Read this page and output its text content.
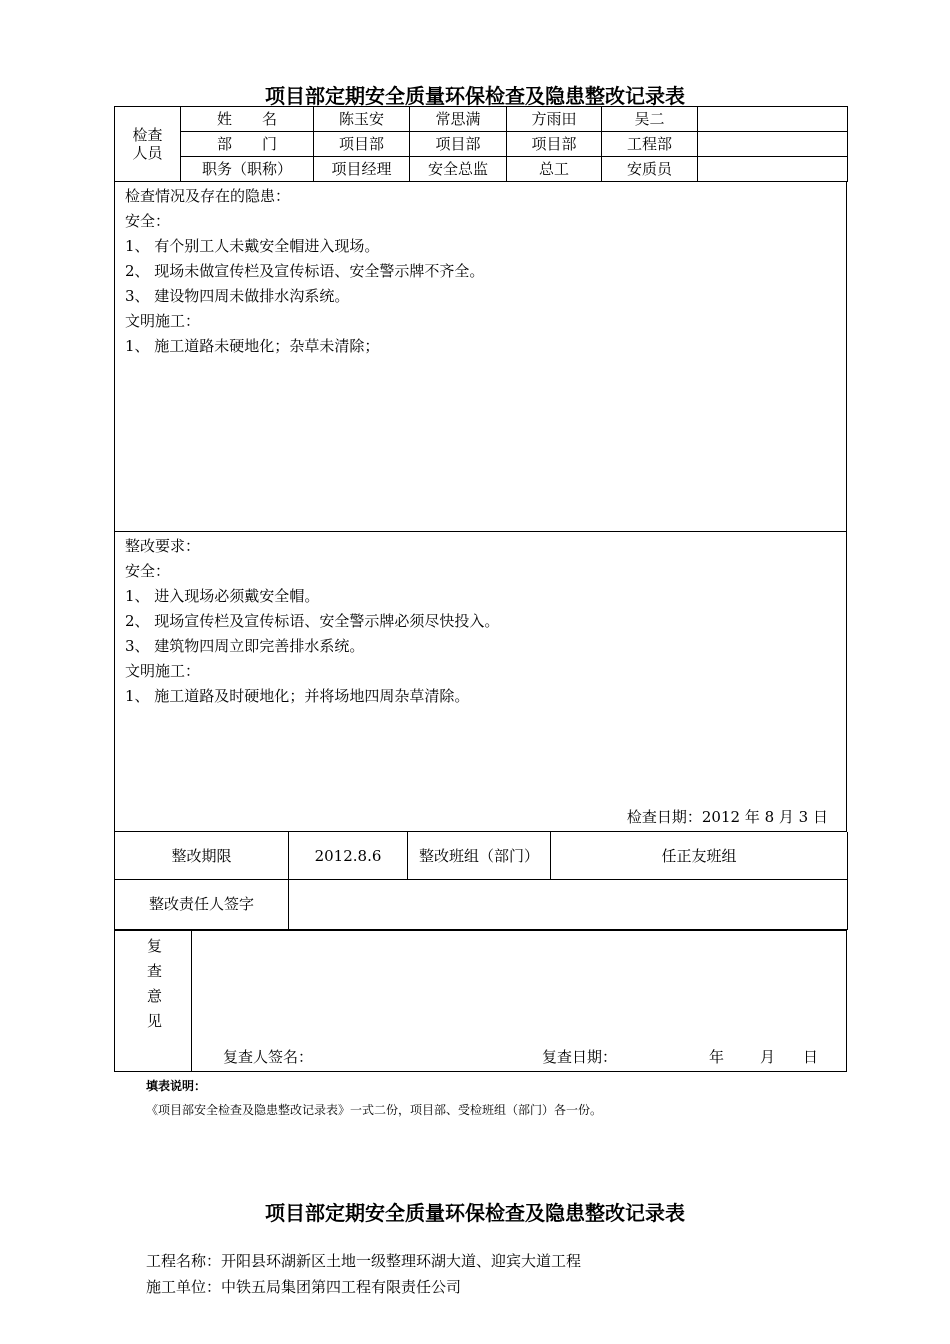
项目部定期安全质量环保检查及隐患整改记录表
检查
人员	姓　　名	陈玉安	常思满	方雨田	吴二	
	部　　门	项目部	项目部	项目部	工程部	
	职务（职称）	项目经理	安全总监	总工	安质员	
检查情况及存在的隐患：
安全：
1、 有个别工人未戴安全帽进入现场。
2、 现场未做宣传栏及宣传标语、安全警示牌不齐全。
3、 建设物四周未做排水沟系统。
文明施工：
1、 施工道路未硬地化；杂草未清除；
整改要求：
安全：
1、 进入现场必须戴安全帽。
2、 现场宣传栏及宣传标语、安全警示牌必须尽快投入。
3、 建筑物四周立即完善排水系统。
文明施工：
1、 施工道路及时硬地化；并将场地四周杂草清除。
检查日期：2012 年 8 月 3 日
整改期限	2012.8.6	整改班组（部门）	任正友班组
整改责任人签字	
复
查
意
见
复查人签名：	复查日期：	年 月 日
填表说明：
《项目部安全检查及隐患整改记录表》一式二份，项目部、受检班组（部门）各一份。
项目部定期安全质量环保检查及隐患整改记录表
工程名称：开阳县环湖新区土地一级整理环湖大道、迎宾大道工程
施工单位：中铁五局集团第四工程有限责任公司
